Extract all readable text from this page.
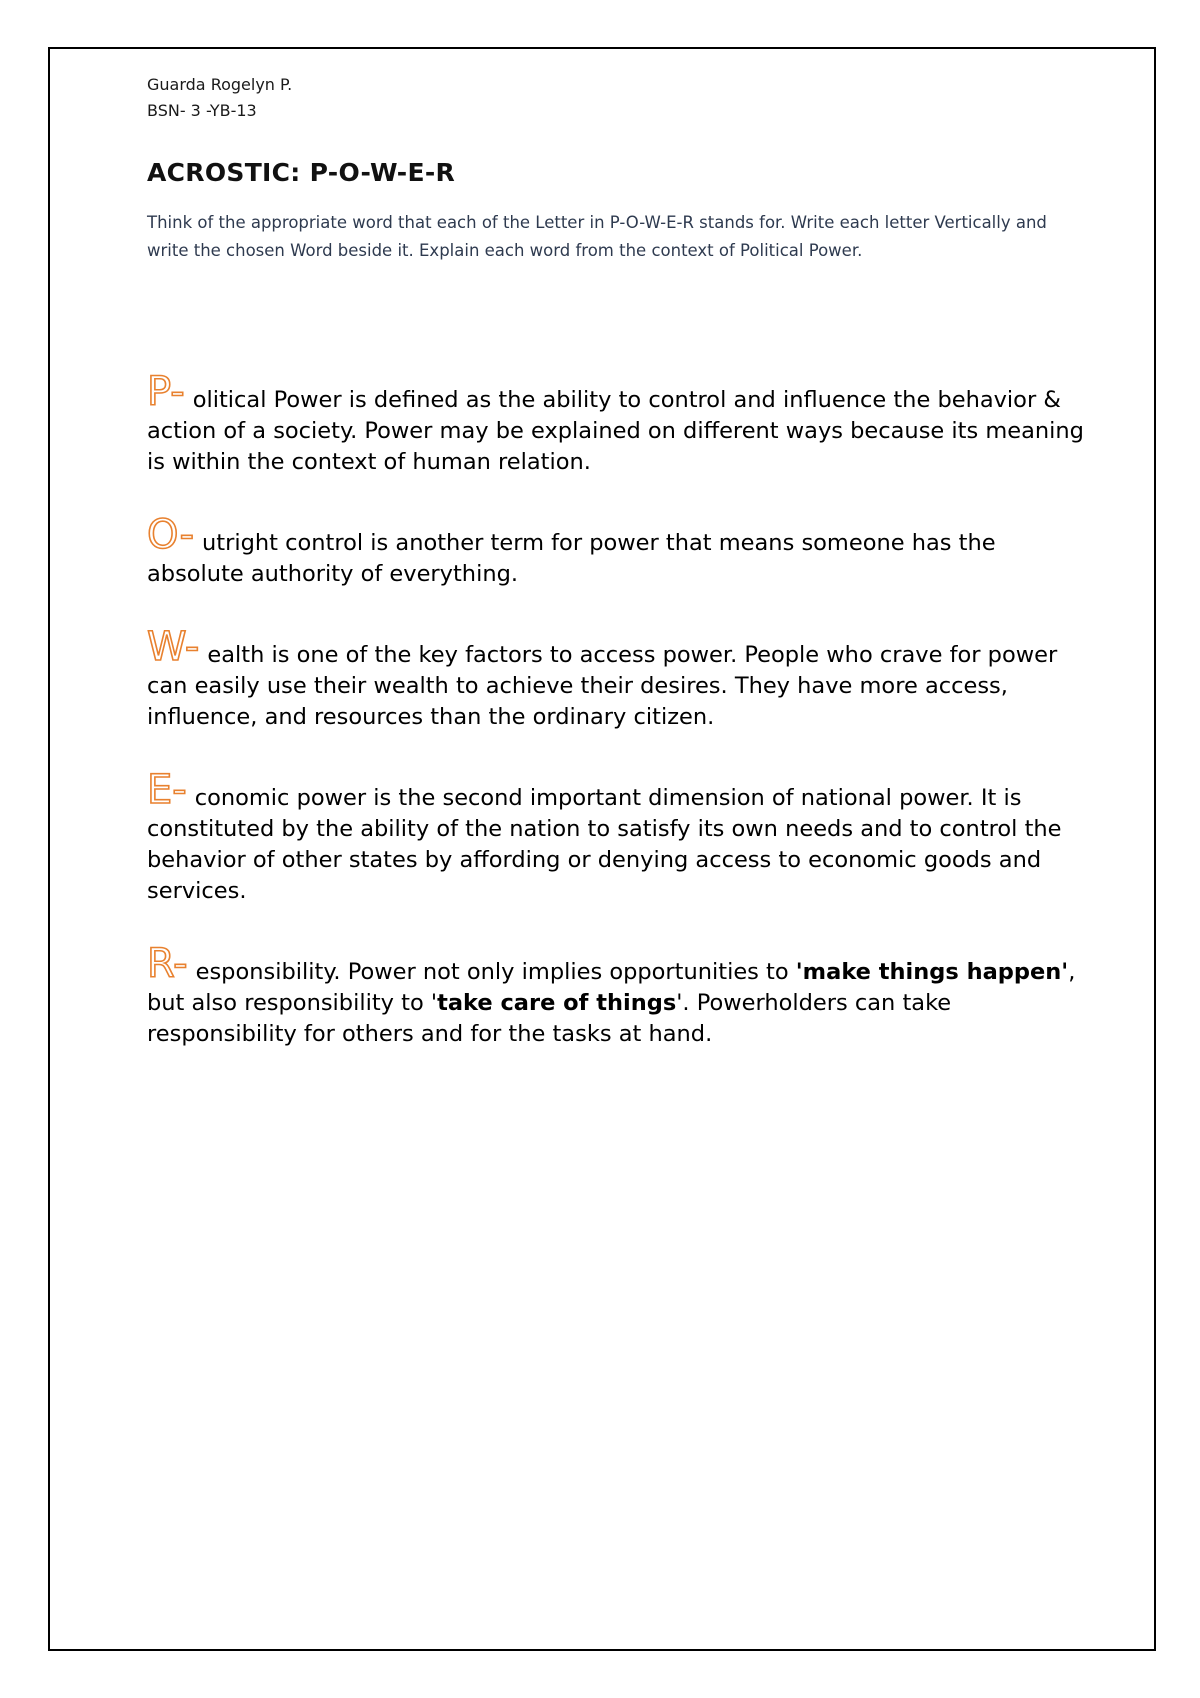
Guarda Rogelyn P.
BSN- 3 -YB-13
ACROSTIC: P-O-W-E-R
Think of the appropriate word that each of the Letter in P-O-W-E-R stands for. Write each letter Vertically and write the chosen Word beside it. Explain each word from the context of Political Power.
P- olitical Power is defined as the ability to control and influence the behavior & action of a society. Power may be explained on different ways because its meaning is within the context of human relation.
O- utright control is another term for power that means someone has the absolute authority of everything.
W- ealth is one of the key factors to access power. People who crave for power can easily use their wealth to achieve their desires. They have more access, influence, and resources than the ordinary citizen.
E- conomic power is the second important dimension of national power. It is constituted by the ability of the nation to satisfy its own needs and to control the behavior of other states by affording or denying access to economic goods and services.
R- esponsibility. Power not only implies opportunities to 'make things happen', but also responsibility to 'take care of things'. Powerholders can take responsibility for others and for the tasks at hand.
